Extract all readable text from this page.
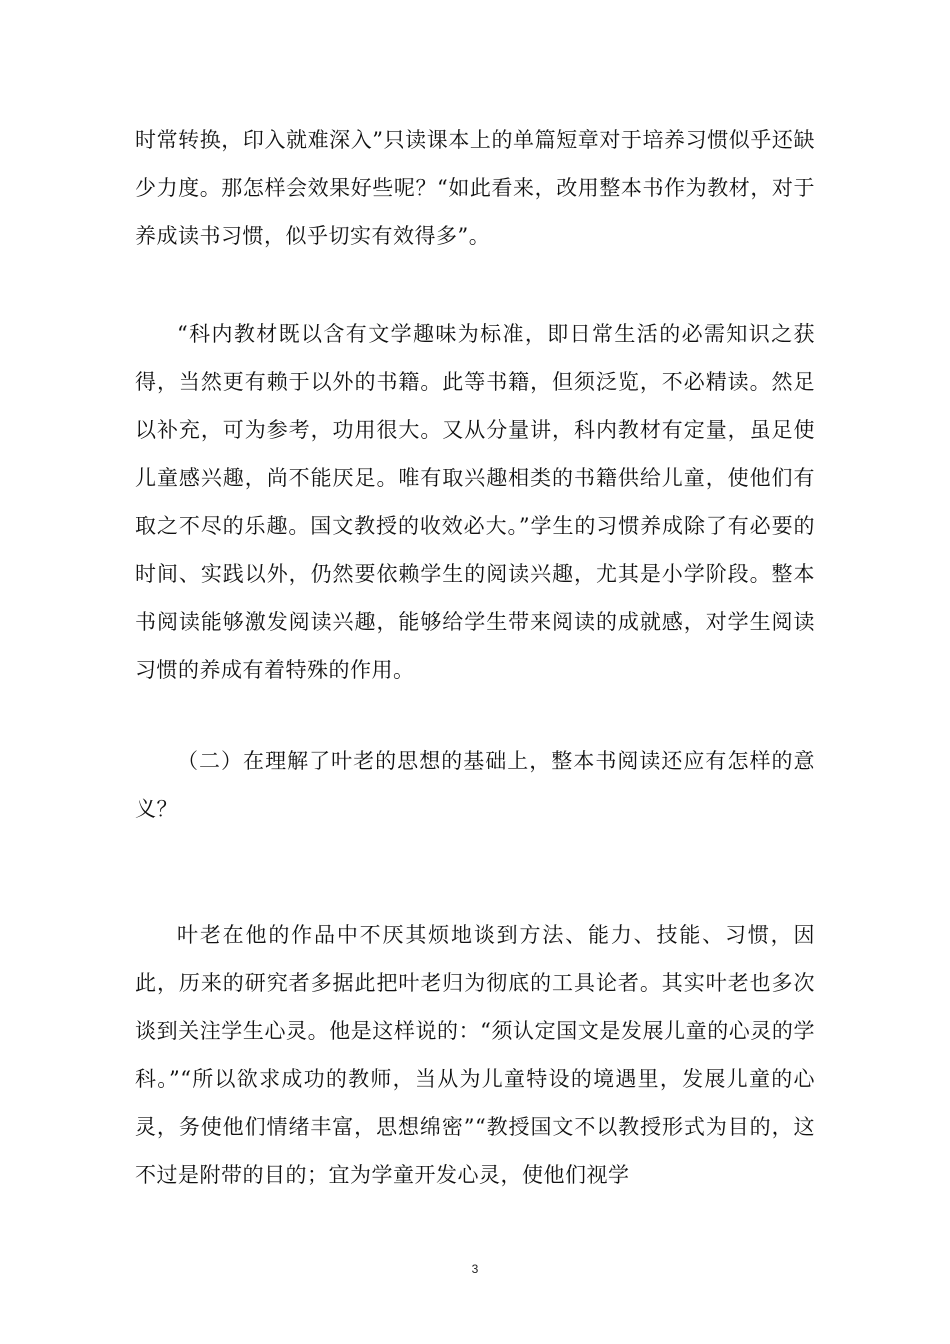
时常转换，印入就难深入”只读课本上的单篇短章对于培养习惯似乎还缺少力度。那怎样会效果好些呢？“如此看来，改用整本书作为教材，对于养成读书习惯，似乎切实有效得多”。

“科内教材既以含有文学趣味为标准，即日常生活的必需知识之获得，当然更有赖于以外的书籍。此等书籍，但须泛览，不必精读。然足以补充，可为参考，功用很大。又从分量讲，科内教材有定量，虽足使儿童感兴趣，尚不能厌足。唯有取兴趣相类的书籍供给儿童，使他们有取之不尽的乐趣。国文教授的收效必大。”学生的习惯养成除了有必要的时间、实践以外，仍然要依赖学生的阅读兴趣，尤其是小学阶段。整本书阅读能够激发阅读兴趣，能够给学生带来阅读的成就感，对学生阅读习惯的养成有着特殊的作用。

（二）在理解了叶老的思想的基础上，整本书阅读还应有怎样的意义？

叶老在他的作品中不厌其烦地谈到方法、能力、技能、习惯，因此，历来的研究者多据此把叶老归为彻底的工具论者。其实叶老也多次谈到关注学生心灵。他是这样说的：“须认定国文是发展儿童的心灵的学科。”“所以欲求成功的教师，当从为儿童特设的境遇里，发展儿童的心灵，务使他们情绪丰富，思想绵密”“教授国文不以教授形式为目的，这不过是附带的目的；宜为学童开发心灵，使他们视学

3
